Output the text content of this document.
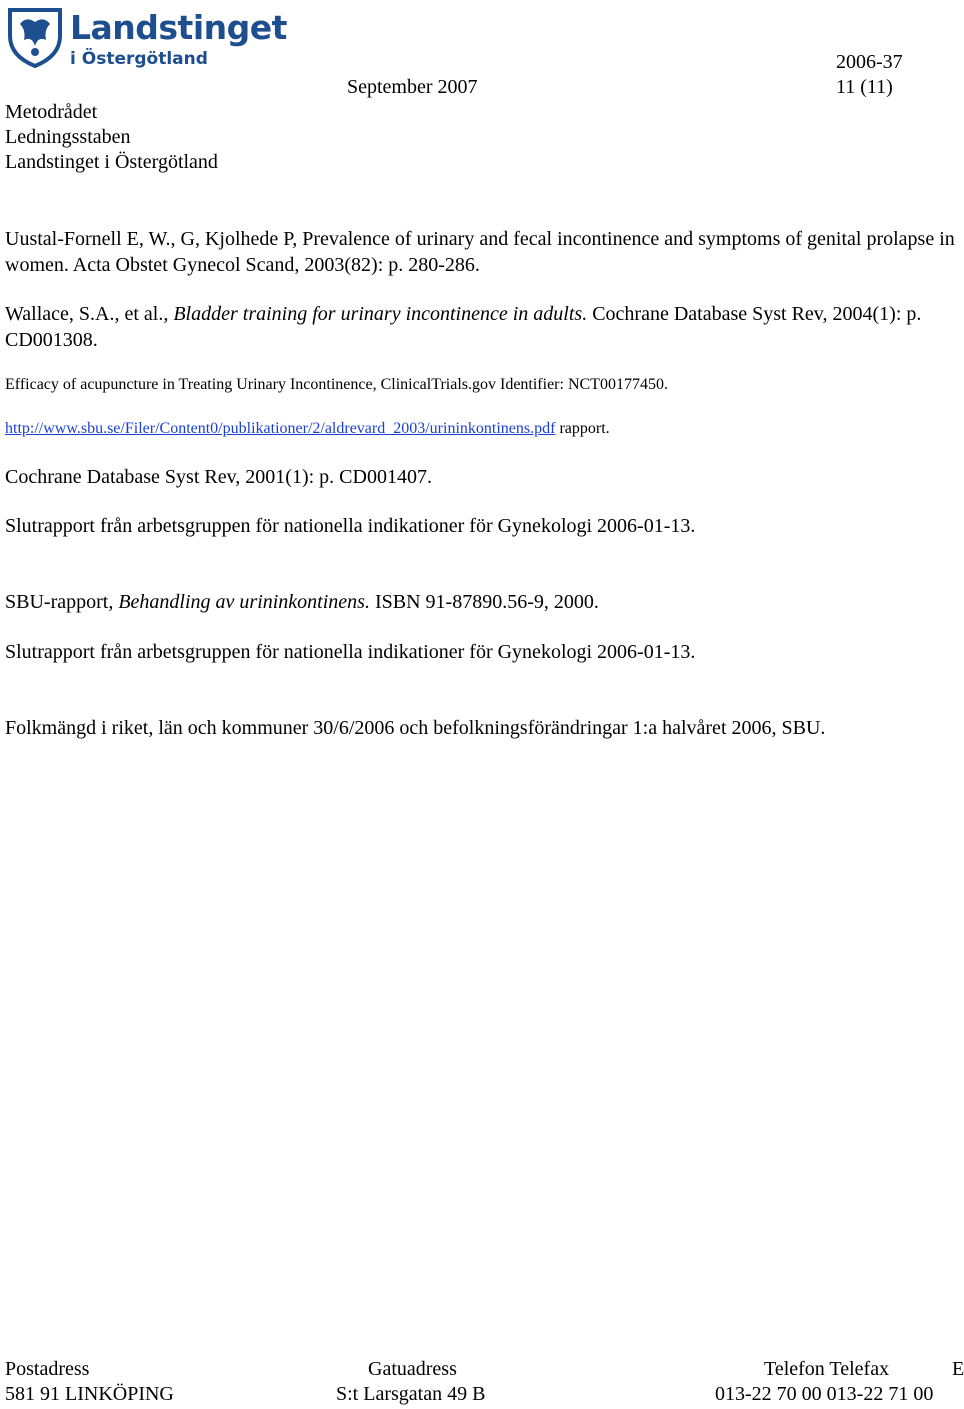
Landstinget
i Östergötland
Metodrådet
Ledningsstaben
Landstinget i Östergötland
September 2007
2006-37
11 (11)
Uustal-Fornell E, W., G, Kjolhede P, Prevalence of urinary and fecal incontinence and symptoms of genital prolapse in women. Acta Obstet Gynecol Scand, 2003(82): p. 280-286.
Wallace, S.A., et al., Bladder training for urinary incontinence in adults. Cochrane Database Syst Rev, 2004(1): p. CD001308.
Efficacy of acupuncture in Treating Urinary Incontinence, ClinicalTrials.gov Identifier: NCT00177450.
http://www.sbu.se/Filer/Content0/publikationer/2/aldrevard_2003/urininkontinens.pdf rapport.
Cochrane Database Syst Rev, 2001(1): p. CD001407.
Slutrapport från arbetsgruppen för nationella indikationer för Gynekologi 2006-01-13.
SBU-rapport, Behandling av urininkontinens. ISBN 91-87890.56-9, 2000.
Slutrapport från arbetsgruppen för nationella indikationer för Gynekologi 2006-01-13.
Folkmängd i riket, län och kommuner 30/6/2006 och befolkningsförändringar 1:a halvåret 2006, SBU.
Postadress	Gatuadress	Telefon Telefax	E
581 91 LINKÖPING	S:t Larsgatan 49 B	013-22 70 00 013-22 71 00
